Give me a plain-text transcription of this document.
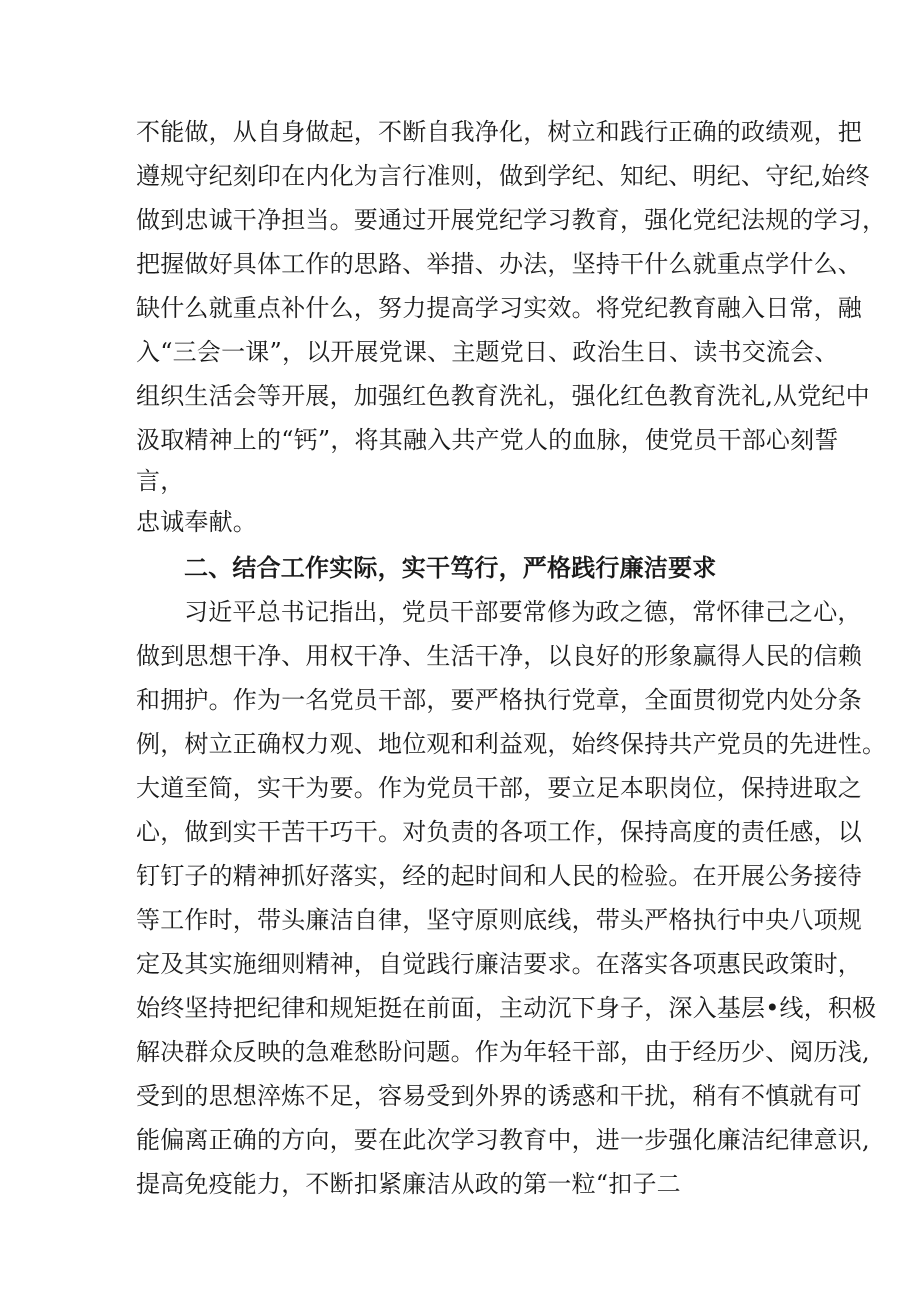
不能做，从自身做起，不断自我净化，树立和践行正确的政绩观，把
遵规守纪刻印在内化为言行准则，做到学纪、知纪、明纪、守纪,始终
做到忠诚干净担当。要通过开展党纪学习教育，强化党纪法规的学习，
把握做好具体工作的思路、举措、办法，坚持干什么就重点学什么、
缺什么就重点补什么，努力提高学习实效。将党纪教育融入日常，融
入“三会一课”，以开展党课、主题党日、政治生日、读书交流会、
组织生活会等开展，加强红色教育洗礼，强化红色教育洗礼,从党纪中
汲取精神上的“钙”，将其融入共产党人的血脉，使党员干部心刻誓
言，
忠诚奉献。
二、结合工作实际，实干笃行，严格践行廉洁要求
习近平总书记指出，党员干部要常修为政之德，常怀律己之心，
做到思想干净、用权干净、生活干净，以良好的形象赢得人民的信赖
和拥护。作为一名党员干部，要严格执行党章，全面贯彻党内处分条
例，树立正确权力观、地位观和利益观，始终保持共产党员的先进性。
大道至简，实干为要。作为党员干部，要立足本职岗位，保持进取之
心，做到实干苦干巧干。对负责的各项工作，保持高度的责任感，以
钉钉子的精神抓好落实，经的起时间和人民的检验。在开展公务接待
等工作时，带头廉洁自律，坚守原则底线，带头严格执行中央八项规
定及其实施细则精神，自觉践行廉洁要求。在落实各项惠民政策时，
始终坚持把纪律和规矩挺在前面，主动沉下身子，深入基层•线，积极
解决群众反映的急难愁盼问题。作为年轻干部，由于经历少、阅历浅,
受到的思想淬炼不足，容易受到外界的诱惑和干扰，稍有不慎就有可
能偏离正确的方向，要在此次学习教育中，进一步强化廉洁纪律意识,
提高免疫能力，不断扣紧廉洁从政的第一粒“扣子二
